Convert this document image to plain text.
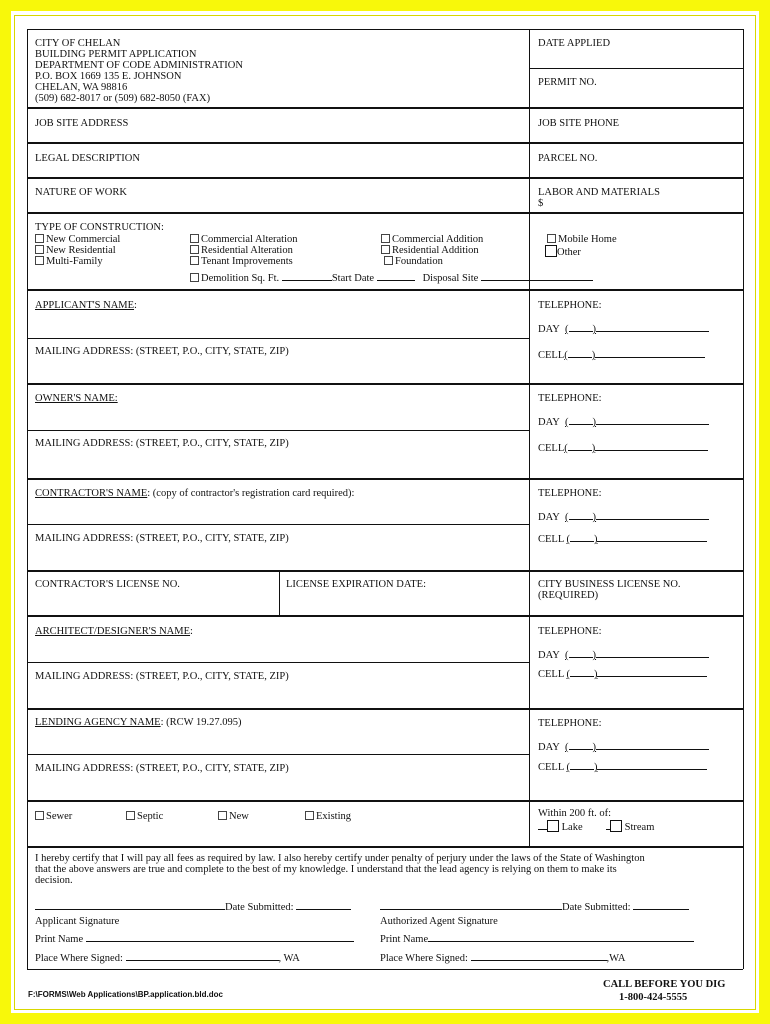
CITY OF CHELAN
BUILDING PERMIT APPLICATION
DEPARTMENT OF CODE ADMINISTRATION
P.O. BOX 1669 135 E. JOHNSON
CHELAN, WA 98816
(509) 682-8017 or (509) 682-8050 (FAX)
DATE APPLIED
PERMIT NO.
JOB SITE ADDRESS	JOB SITE PHONE
LEGAL DESCRIPTION	PARCEL NO.
NATURE OF WORK	LABOR AND MATERIALS
$
TYPE OF CONSTRUCTION:
New Commercial
New Residential
Multi-Family
Commercial Alteration
Residential Alteration
Tenant Improvements
Commercial Addition
Residential Addition
Foundation
Mobile Home
Other
Demolition Sq. Ft.	Start Date	Disposal Site
APPLICANT'S NAME:
MAILING ADDRESS: (STREET, P.O., CITY, STATE, ZIP)
TELEPHONE:
DAY ( )
CELL( )
OWNER'S NAME:
MAILING ADDRESS: (STREET, P.O., CITY, STATE, ZIP)
TELEPHONE:
DAY ( )
CELL( )
CONTRACTOR'S NAME: (copy of contractor's registration card required):
MAILING ADDRESS: (STREET, P.O., CITY, STATE, ZIP)
TELEPHONE:
DAY ( )
CELL ( )
CONTRACTOR'S LICENSE NO.	LICENSE EXPIRATION DATE:	CITY BUSINESS LICENSE NO.
(REQUIRED)
ARCHITECT/DESIGNER'S NAME:
MAILING ADDRESS: (STREET, P.O., CITY, STATE, ZIP)
TELEPHONE:
DAY ( )
CELL ( )
LENDING AGENCY NAME: (RCW 19.27.095)
MAILING ADDRESS: (STREET, P.O., CITY, STATE, ZIP)
TELEPHONE:
DAY ( )
CELL ( )
Sewer	Septic	New	Existing	Within 200 ft. of:
Lake	Stream
I hereby certify that I will pay all fees as required by law. I also hereby certify under penalty of perjury under the laws of the State of Washington
that the above answers are true and complete to the best of my knowledge. I understand that the lead agency is relying on them to make its
decision.
Date Submitted:	Date Submitted:
Applicant Signature	Authorized Agent Signature
Print Name	Print Name
Place Where Signed:	, WA	Place Where Signed:	,WA
F:\FORMS\Web Applications\BP.application.bld.doc
CALL BEFORE YOU DIG
1-800-424-5555
